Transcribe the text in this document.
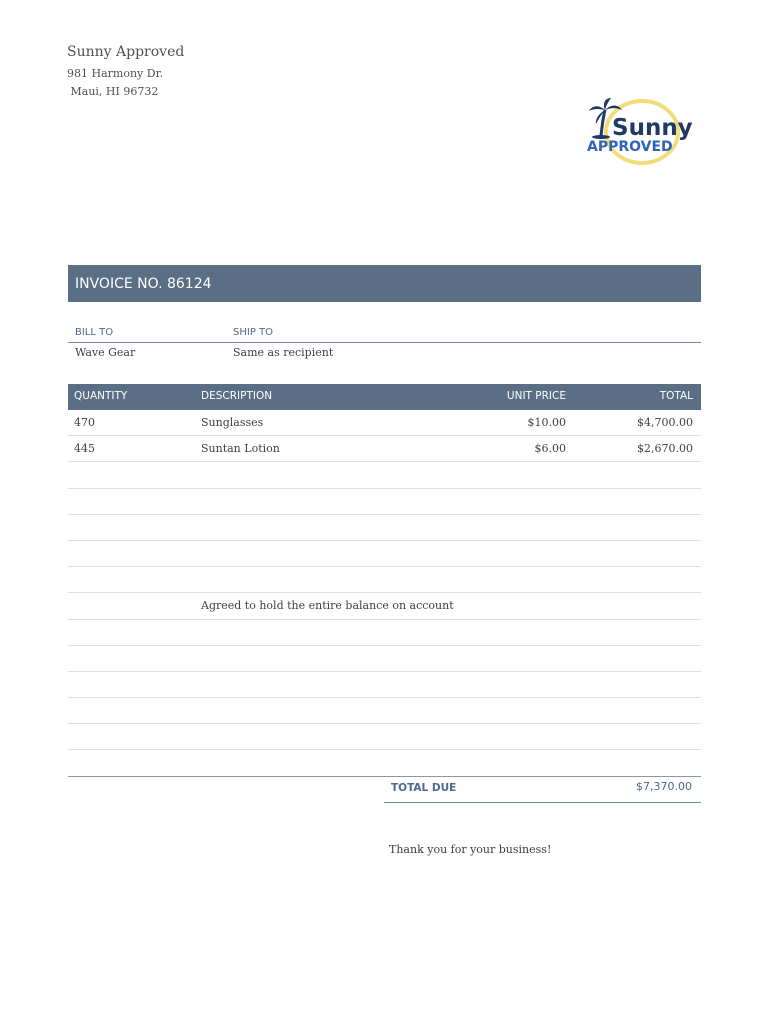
Sunny Approved
981 Harmony Dr.
Maui, HI 96732
Sunny
APPROVED
INVOICE NO. 86124
BILL TO	SHIP TO
Wave Gear	Same as recipient
QUANTITY	DESCRIPTION	UNIT PRICE	TOTAL
470	Sunglasses	$10.00	$4,700.00
445	Suntan Lotion	$6.00	$2,670.00
Agreed to hold the entire balance on account
TOTAL DUE	$7,370.00
Thank you for your business!
